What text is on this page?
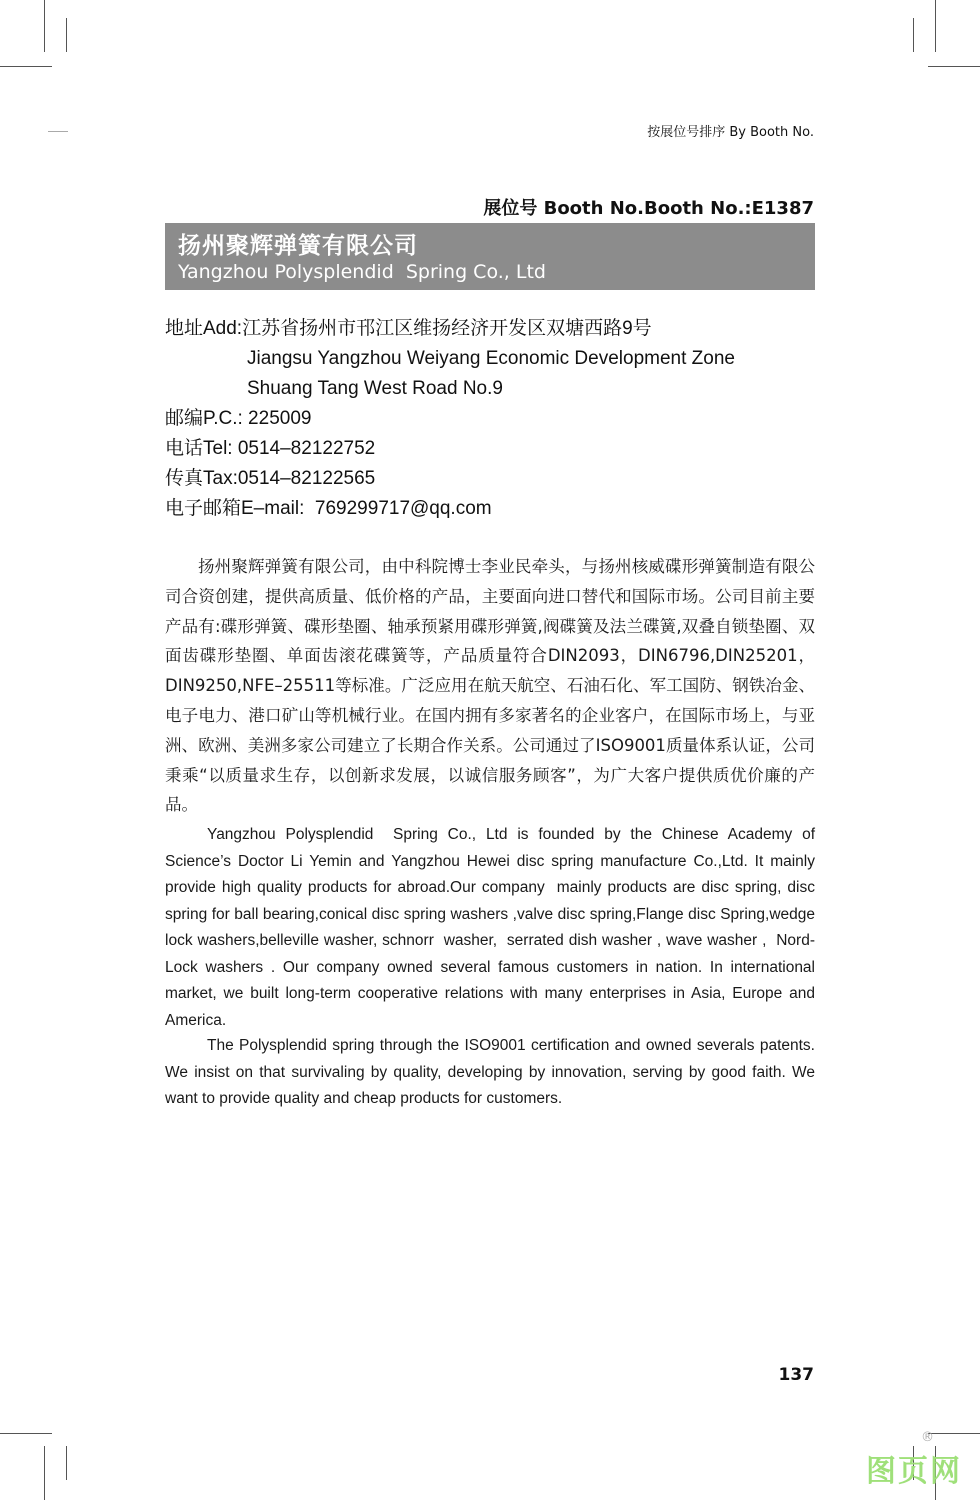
按展位号排序 By Booth No.
展位号 Booth No.Booth No.:E1387
扬州聚辉弹簧有限公司
Yangzhou Polysplendid  Spring Co., Ltd
地址Add:江苏省扬州市邗江区维扬经济开发区双塘西路9号
Jiangsu Yangzhou Weiyang Economic Development Zone
Shuang Tang West Road No.9
邮编P.C.: 225009
电话Tel: 0514–82122752
传真Tax:0514–82122565
电子邮箱E–mail:  769299717@qq.com

扬州聚辉弹簧有限公司，由中科院博士李业民牵头，与扬州核威碟形弹簧制造有限公司合资创建，提供高质量、低价格的产品，主要面向进口替代和国际市场。公司目前主要产品有:碟形弹簧、碟形垫圈、轴承预紧用碟形弹簧,阀碟簧及法兰碟簧,双叠自锁垫圈、双面齿碟形垫圈、单面齿滚花碟簧等，产品质量符合DIN2093，DIN6796,DIN25201，DIN9250,NFE–25511等标准。广泛应用在航天航空、石油石化、军工国防、钢铁冶金、电子电力、港口矿山等机械行业。在国内拥有多家著名的企业客户，在国际市场上，与亚洲、欧洲、美洲多家公司建立了长期合作关系。公司通过了ISO9001质量体系认证，公司秉乘“以质量求生存，以创新求发展，以诚信服务顾客”，为广大客户提供质优价廉的产品。

Yangzhou Polysplendid  Spring Co., Ltd is founded by the Chinese Academy of Science’s Doctor Li Yemin and Yangzhou Hewei disc spring manufacture Co.,Ltd. It mainly provide high quality products for abroad.Our company  mainly products are disc spring, disc spring for ball bearing,conical disc spring washers ,valve disc spring,Flange disc Spring,wedge lock washers,belleville washer, schnorr  washer,  serrated dish washer , wave washer ,  Nord-Lock washers . Our company owned several famous customers in nation. In international market, we built long-term cooperative relations with many enterprises in Asia, Europe and America.

The Polysplendid spring through the ISO9001 certification and owned severals patents. We insist on that survivaling by quality, developing by innovation, serving by good faith. We want to provide quality and cheap products for customers.

137
图页网
®
